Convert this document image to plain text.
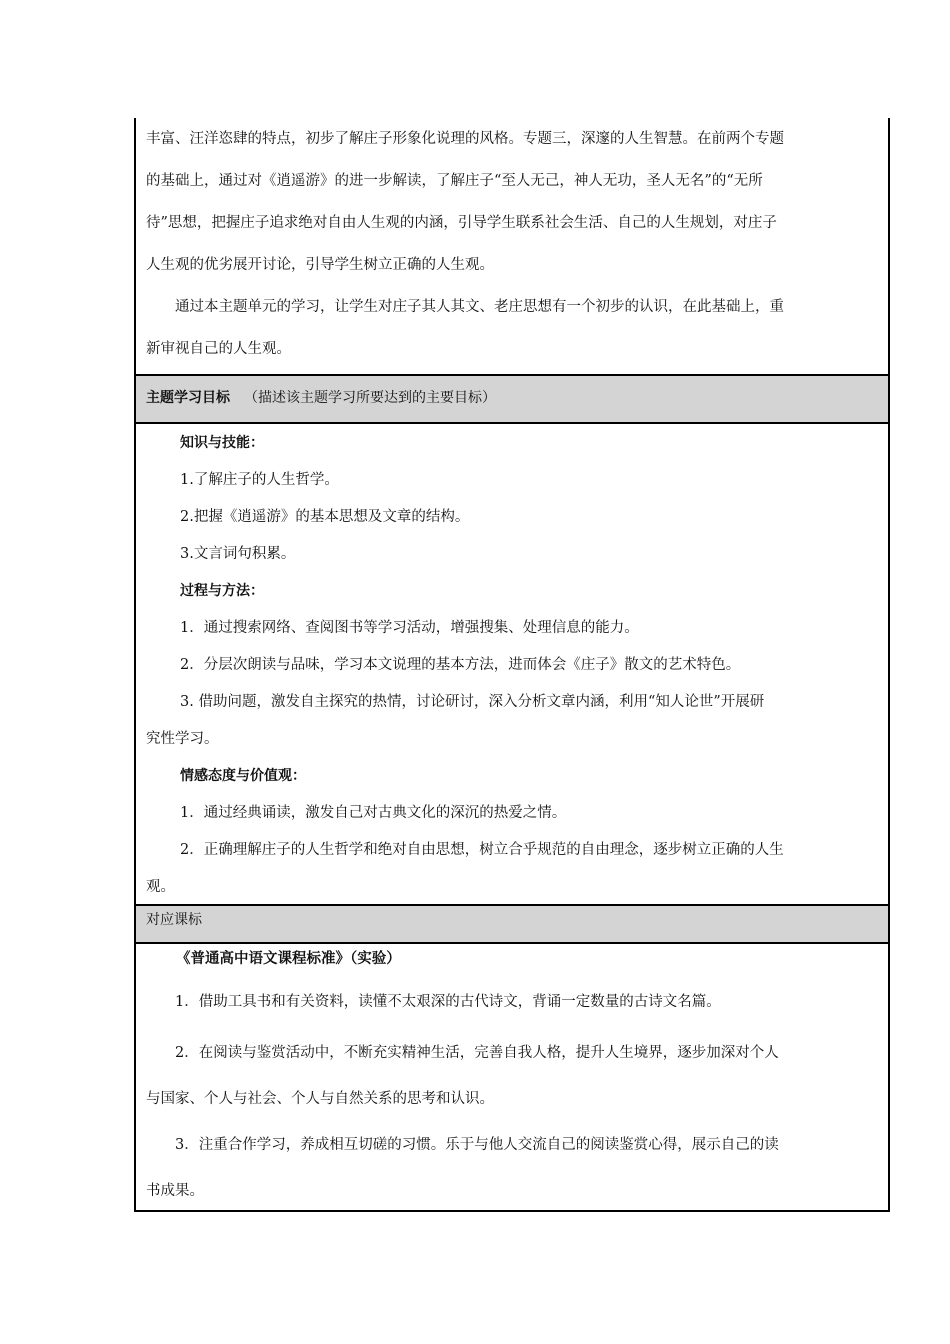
丰富、汪洋恣肆的特点，初步了解庄子形象化说理的风格。专题三，深邃的人生智慧。在前两个专题

的基础上，通过对《逍遥游》的进一步解读，了解庄子“至人无己，神人无功，圣人无名”的“无所

待”思想，把握庄子追求绝对自由人生观的内涵，引导学生联系社会生活、自己的人生规划，对庄子

人生观的优劣展开讨论，引导学生树立正确的人生观。

通过本主题单元的学习，让学生对庄子其人其文、老庄思想有一个初步的认识，在此基础上，重

新审视自己的人生观。

主题学习目标 （描述该主题学习所要达到的主要目标）

知识与技能：

1.了解庄子的人生哲学。

2.把握《逍遥游》的基本思想及文章的结构。

3.文言词句积累。

过程与方法：

1．通过搜索网络、查阅图书等学习活动，增强搜集、处理信息的能力。

2．分层次朗读与品味，学习本文说理的基本方法，进而体会《庄子》散文的艺术特色。

3. 借助问题，激发自主探究的热情，讨论研讨，深入分析文章内涵，利用“知人论世”开展研

究性学习。

情感态度与价值观：

1．通过经典诵读，激发自己对古典文化的深沉的热爱之情。

2．正确理解庄子的人生哲学和绝对自由思想，树立合乎规范的自由理念，逐步树立正确的人生

观。

对应课标

《普通高中语文课程标准》（实验）

1．借助工具书和有关资料，读懂不太艰深的古代诗文，背诵一定数量的古诗文名篇。

2．在阅读与鉴赏活动中，不断充实精神生活，完善自我人格，提升人生境界，逐步加深对个人

与国家、个人与社会、个人与自然关系的思考和认识。

3．注重合作学习，养成相互切磋的习惯。乐于与他人交流自己的阅读鉴赏心得，展示自己的读

书成果。
